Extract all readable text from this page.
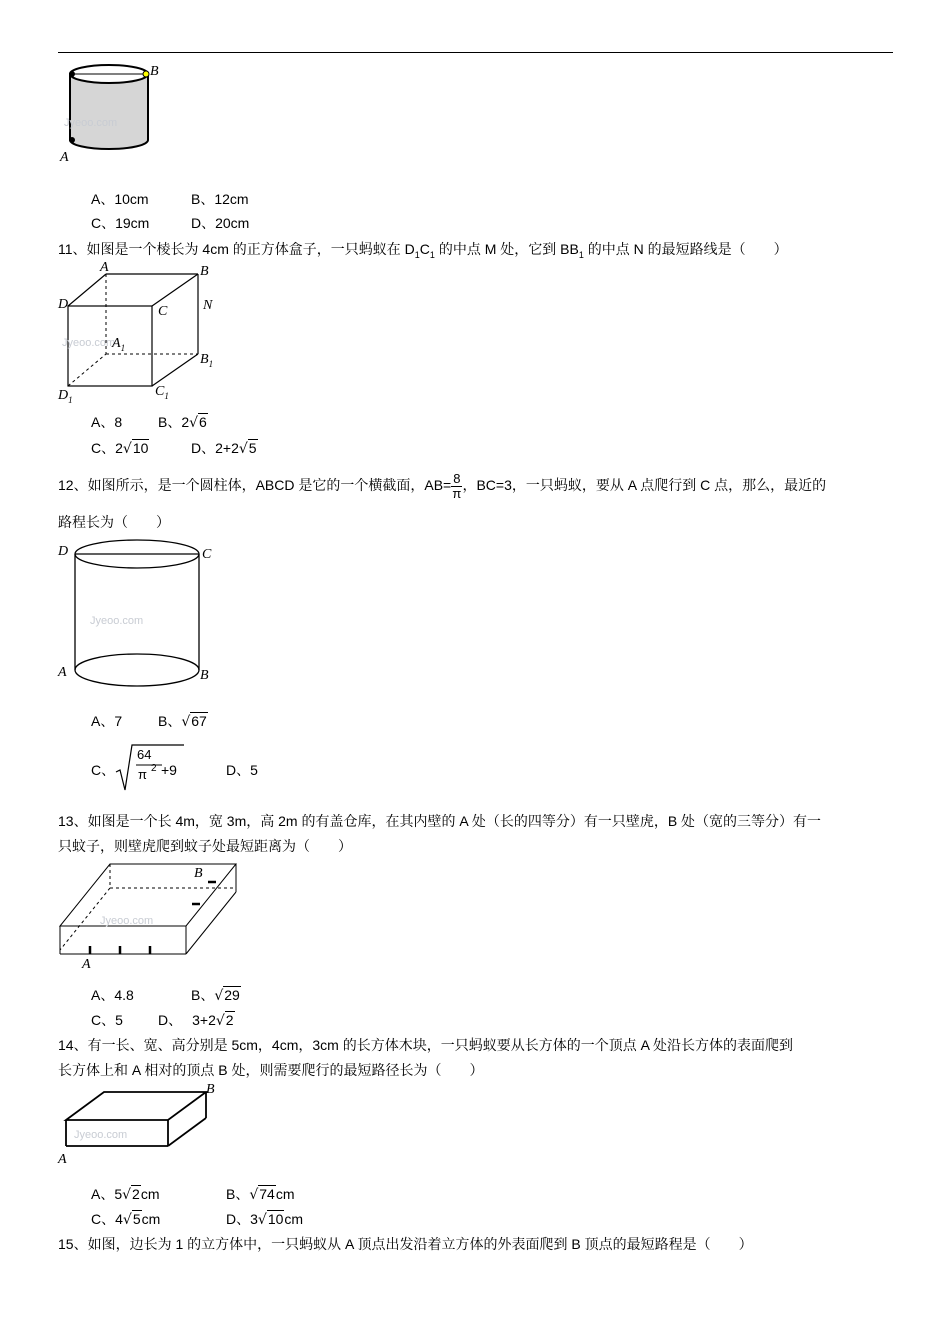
Jyeoo.com
B
A
A、10cm	B、12cm
C、19cm	D、20cm
11、如图是一个棱长为 4cm 的正方体盒子，一只蚂蚁在 $D_1C_1$ 的中点 M 处，它到 $BB_1$ 的中点 N 的最短路线是（　　）
Jyeoo.com
A	B
D	C	N
$A_1$
$B_1$
$C_1$
$D_1$
A、8	B、2√6
C、2√10	D、2+2√5
12、如图所示，是一个圆柱体，ABCD 是它的一个横截面，$AB= \frac{8}{\pi}$ ，BC=3，一只蚂蚁，要从 A 点爬行到 C 点，那么，最近的
路程长为（　　）
Jyeoo.com
D	C
A	B
A、7	B、√67
C、
64
π 2 +9	D、5
13、如图是一个长 4m，宽 3m，高 2m 的有盖仓库，在其内壁的 A 处（长的四等分）有一只壁虎，B 处（宽的三等分）有一
只蚊子，则壁虎爬到蚊子处最短距离为（　　）
Jyeoo.com
B
A
A、4.8	B、√29
C、5	D、 3+2√2
14、有一长、宽、高分别是 5cm，4cm，3cm 的长方体木块，一只蚂蚁要从长方体的一个顶点 A 处沿长方体的表面爬到
长方体上和 A 相对的顶点 B 处，则需要爬行的最短路径长为（　　）
Jyeoo.com
B
A
A、5√2cm	B、√74cm
C、4√5cm	D、3√10cm
15、如图，边长为 1 的立方体中，一只蚂蚁从 A 顶点出发沿着立方体的外表面爬到 B 顶点的最短路程是（　　）
